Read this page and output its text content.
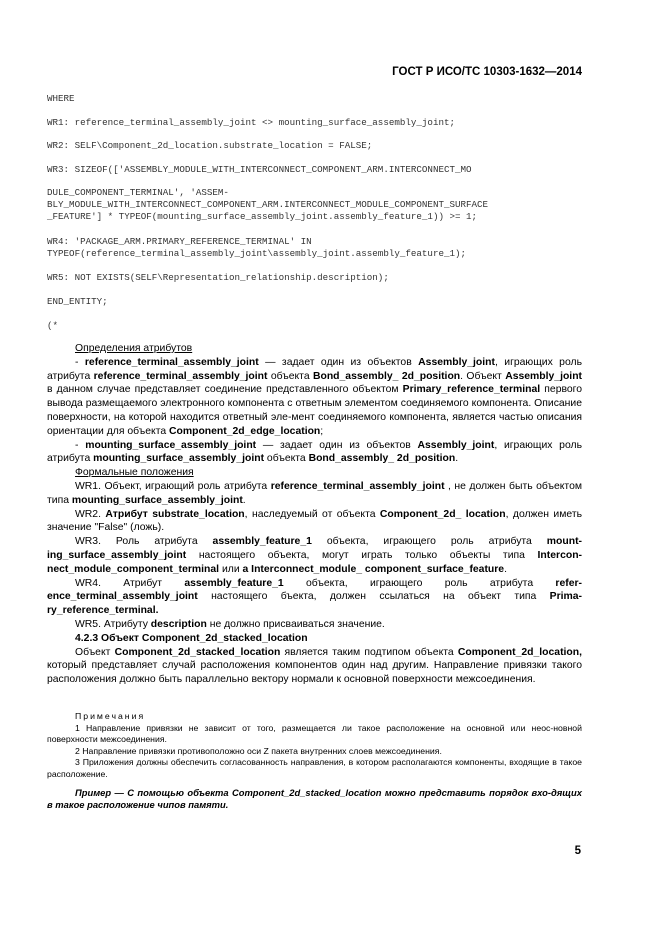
ГОСТ Р ИСО/ТС 10303-1632—2014
WHERE
WR1: reference_terminal_assembly_joint <> mounting_surface_assembly_joint;
WR2: SELF\Component_2d_location.substrate_location = FALSE;
WR3: SIZEOF(['ASSEMBLY_MODULE_WITH_INTERCONNECT_COMPONENT_ARM.INTERCONNECT_MO
DULE_COMPONENT_TERMINAL', 'ASSEM-
BLY_MODULE_WITH_INTERCONNECT_COMPONENT_ARM.INTERCONNECT_MODULE_COMPONENT_SURFACE
_FEATURE'] * TYPEOF(mounting_surface_assembly_joint.assembly_feature_1)) >= 1;
WR4: 'PACKAGE_ARM.PRIMARY_REFERENCE_TERMINAL' IN
TYPEOF(reference_terminal_assembly_joint\assembly_joint.assembly_feature_1);
WR5: NOT EXISTS(SELF\Representation_relationship.description);
END_ENTITY;
(*

Определения атрибутов

- reference_terminal_assembly_joint — задает один из объектов Assembly_joint, играющих роль атрибута reference_terminal_assembly_joint объекта Bond_assembly_ 2d_position. Объект Assembly_joint в данном случае представляет соединение представленного объектом Primary_reference_terminal первого вывода размещаемого электронного компонента с ответным элементом соединяемого компонента. Описание поверхности, на которой находится ответный эле-мент соединяемого компонента, является частью описания ориентации для объекта Component_2d_edge_location;

- mounting_surface_assembly_joint — задает один из объектов Assembly_joint, играющих роль атрибута mounting_surface_assembly_joint объекта Bond_assembly_ 2d_position.

Формальные положения

WR1. Объект, играющий роль атрибута reference_terminal_assembly_joint , не должен быть объектом типа mounting_surface_assembly_joint.

WR2. Атрибут substrate_location, наследуемый от объекта Component_2d_ location, должен иметь значение "False" (ложь).

WR3. Роль атрибута assembly_feature_1 объекта, играющего роль атрибута mount-ing_surface_assembly_joint настоящего объекта, могут играть только объекты типа Intercon-nect_module_component_terminal или a Interconnect_module_ component_surface_feature.

WR4. Атрибут assembly_feature_1 объекта, играющего роль атрибута refer-ence_terminal_assembly_joint настоящего бъекта, должен ссылаться на объект типа Prima-ry_reference_terminal.

WR5. Атрибуту description не должно присваиваться значение.

4.2.3 Объект Component_2d_stacked_location

Объект Component_2d_stacked_location является таким подтипом объекта Component_2d_location, который представляет случай расположения компонентов один над другим. Направление привязки такого расположения должно быть параллельно вектору нормали к основной поверхности межсоединения.

Примечания

1 Направление привязки не зависит от того, размещается ли такое расположение на основной или неос-новной поверхности межсоединения.

2 Направление привязки противоположно оси Z пакета внутренних слоев межсоединения.

3 Приложения должны обеспечить согласованность направления, в котором располагаются компоненты, входящие в такое расположение.

Пример — С помощью объекта Component_2d_stacked_location можно представить порядок вхо-дящих в такое расположение чипов памяти.

5
